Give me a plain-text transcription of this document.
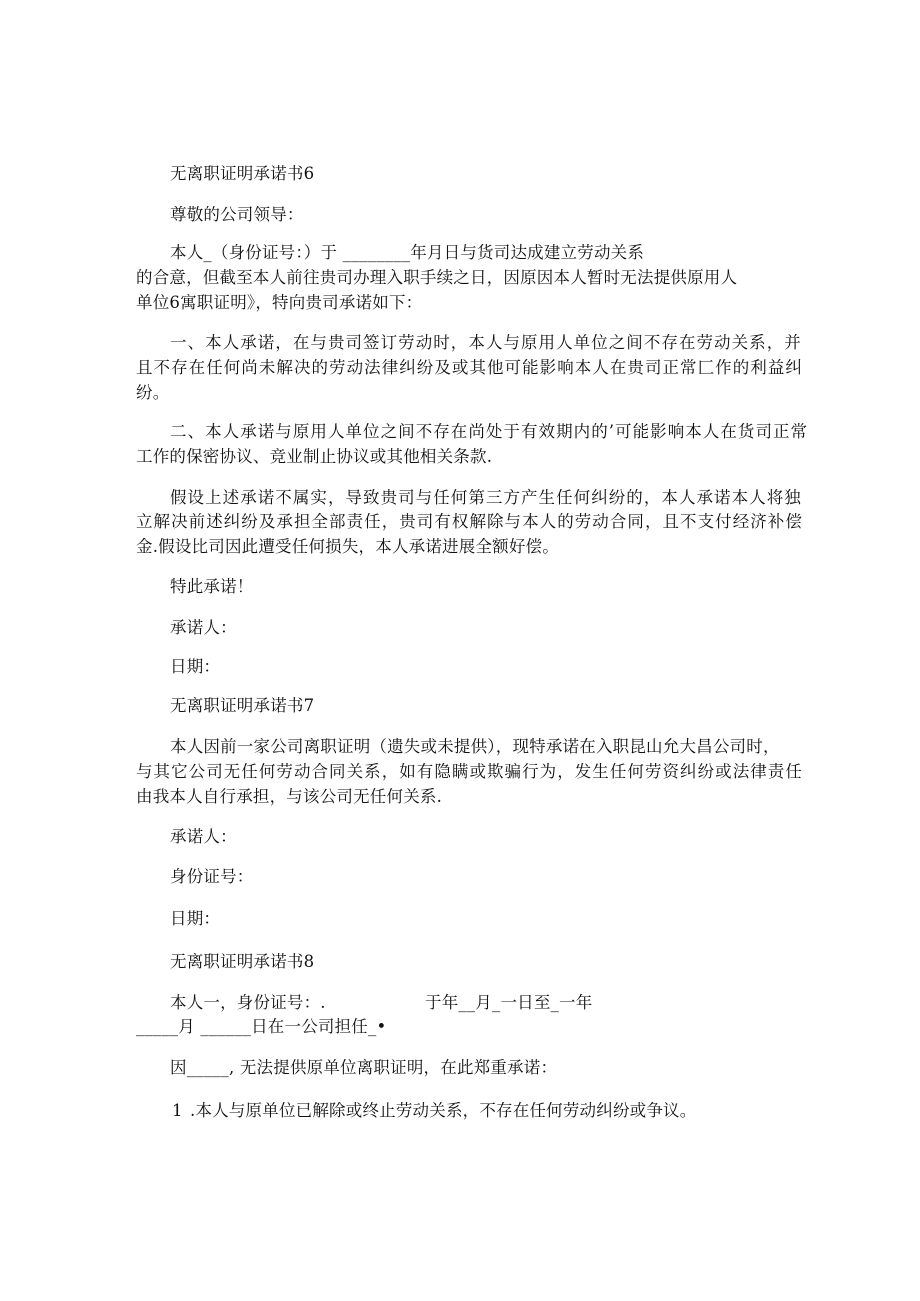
无离职证明承诺书6
尊敬的公司领导：
本人_（身份证号：）于 ________年月日与货司达成建立劳动关系
的合意，但截至本人前往贵司办理入职手续之日，因原因本人暂时无法提供原用人
单位6寓职证明》，特向贵司承诺如下：
一、本人承诺，在与贵司签订劳动时，本人与原用人单位之间不存在劳动关系，并
且不存在任何尚未解决的劳动法律纠纷及或其他可能影响本人在贵司正常匚作的利益纠
纷。
二、本人承诺与原用人单位之间不存在尚处于有效期内的’可能影响本人在货司正常
工作的保密协议、竞业制止协议或其他相关条款.
假设上述承诺不属实，导致贵司与任何第三方产生任何纠纷的，本人承诺本人将独
立解决前述纠纷及承担全部责任，贵司有权解除与本人的劳动合同，且不支付经济补偿
金.假设比司因此遭受任何损失，本人承诺进展全额好偿。
特此承诺！
承诺人：
日期：
无离职证明承诺书7
本人因前一家公司离职证明（遗失或未提供），现特承诺在入职昆山允大昌公司时，
与其它公司无任何劳动合同关系，如有隐瞒或欺骗行为，发生任何劳资纠纷或法律责任
由我本人自行承担，与该公司无任何关系.
承诺人：
身份证号：
日期：
无离职证明承诺书8
本人一，身份证号：.	于年__月_一日至_一年
_____月 ______日在一公司担任_•
因_____, 无法提供原单位离职证明，在此郑重承诺：
1 .本人与原单位已解除或终止劳动关系，不存在任何劳动纠纷或争议。
